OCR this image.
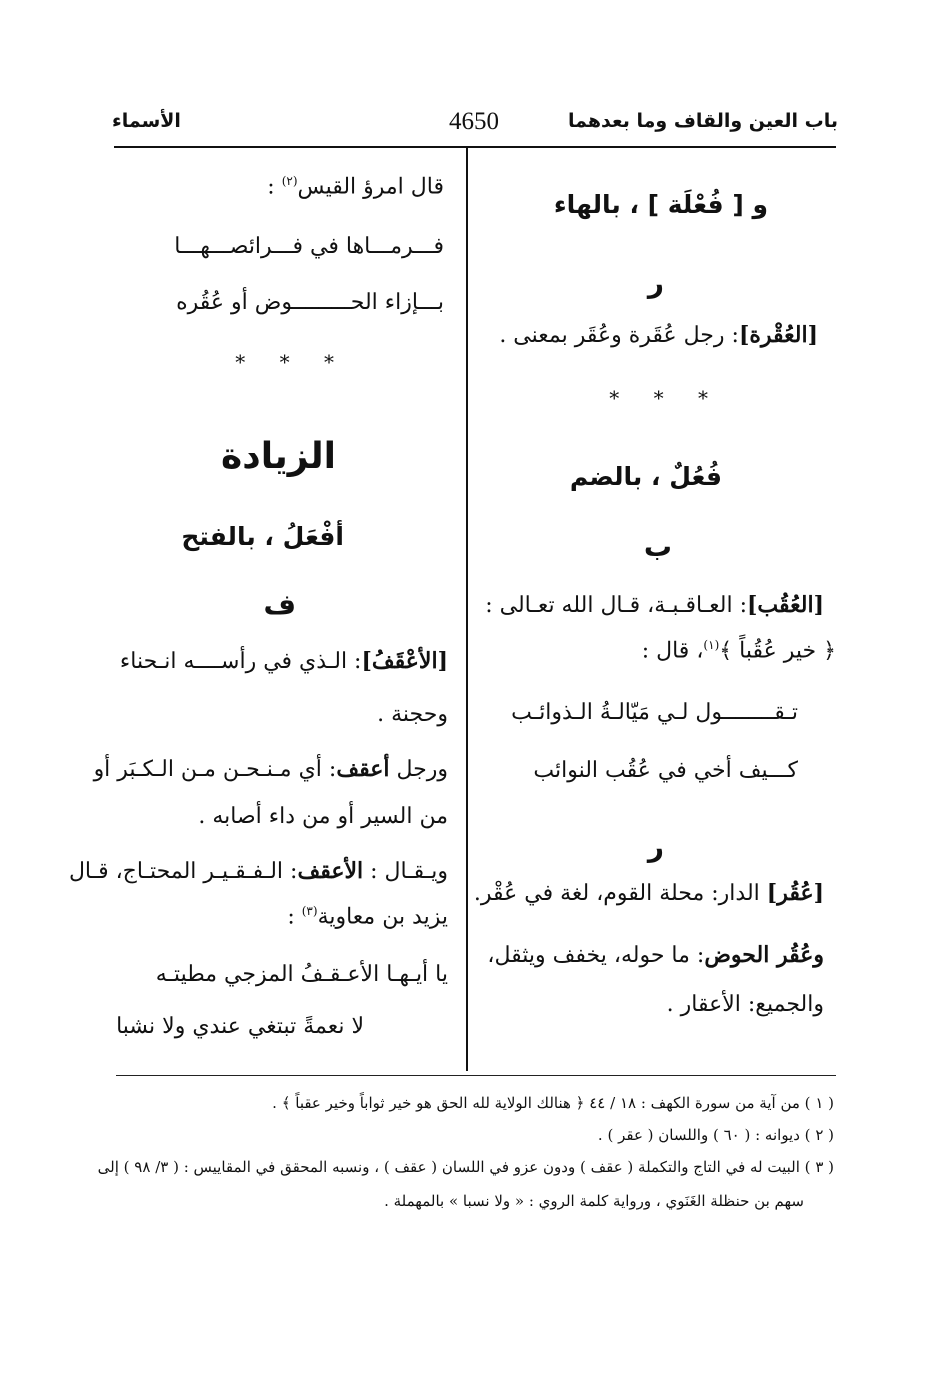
باب العين والقاف وما بعدهما
4650
الأسماء
و [ فُعْلَة ] ، بالهاء
ر
[العُقْرة]: رجل عُقَرة وعُقَر بمعنى .
* * *
فُعُلٌ ، بالضم
ب
[العُقُب]: العـاقـبـة، قـال الله تعـالى :
﴿ خير عُقُباً ﴾$^{(١)}$، قال :
تـقــــــــول لـي مَيّالـةُ الـذوائـب
كـــيف أخي في عُقُب النوائب
ر
[عُقُر] الدار: محلة القوم، لغة في عُقْر.
وعُقُر الحوض: ما حوله، يخفف ويثقل،
والجميع: الأعقار .
قال امرؤ القيس$^{(٢)}$ :
فـــرمـــاها في فـــرائصـــهـــا
بـــإزاء الحـــــــــوض أو عُقُره
* * *
الزيادة
أفْعَلُ ، بالفتح
ف
[الأعْقَفُ]: الـذي في رأســــه انـحناء
وحجنة .
ورجل أعقف: أي مـنـحـن مـن الـكـبَر أو
من السير أو من داء أصابه .
ويـقـال : الأعقف: الـفـقـيـر المحتـاج، قـال
يزيد بن معاوية$^{(٣)}$ :
يا أيـهـا الأعـقـفُ المزجي مطيتـه
لا نعمةً تبتغي عندي ولا نشبا
( ١ ) من آية من سورة الكهف : ١٨ / ٤٤ ﴿ هنالك الولاية لله الحق هو خير ثواباً وخير عقباً ﴾ .
( ٢ ) ديوانه : ( ٦٠ ) واللسان ( عقر ) .
( ٣ ) البيت له في التاج والتكملة ( عقف ) ودون عزو في اللسان ( عقف ) ، ونسبه المحقق في المقاييس : ( ٣/ ٩٨ ) إلى
سهم بن حنظلة الغَنَوي ، ورواية كلمة الروي : « ولا نسبا » بالمهملة .
